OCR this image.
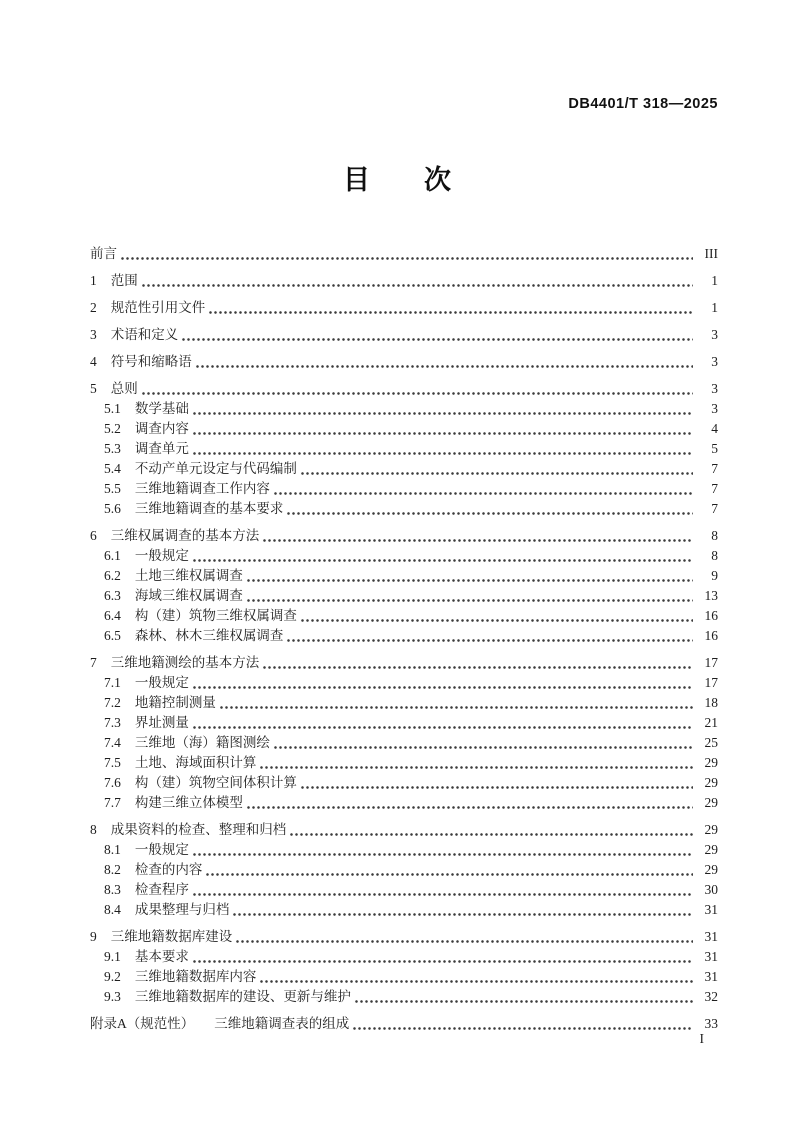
DB4401/T 318—2025
目　　次
前言	III
1 范围	1
2 规范性引用文件	1
3 术语和定义	3
4 符号和缩略语	3
5 总则	3
5.1 数学基础	3
5.2 调查内容	4
5.3 调查单元	5
5.4 不动产单元设定与代码编制	7
5.5 三维地籍调查工作内容	7
5.6 三维地籍调查的基本要求	7
6 三维权属调查的基本方法	8
6.1 一般规定	8
6.2 土地三维权属调查	9
6.3 海域三维权属调查	13
6.4 构（建）筑物三维权属调查	16
6.5 森林、林木三维权属调查	16
7 三维地籍测绘的基本方法	17
7.1 一般规定	17
7.2 地籍控制测量	18
7.3 界址测量	21
7.4 三维地（海）籍图测绘	25
7.5 土地、海域面积计算	29
7.6 构（建）筑物空间体积计算	29
7.7 构建三维立体模型	29
8 成果资料的检查、整理和归档	29
8.1 一般规定	29
8.2 检查的内容	29
8.3 检查程序	30
8.4 成果整理与归档	31
9 三维地籍数据库建设	31
9.1 基本要求	31
9.2 三维地籍数据库内容	31
9.3 三维地籍数据库的建设、更新与维护	32
附录A（规范性） 三维地籍调查表的组成	33
I
